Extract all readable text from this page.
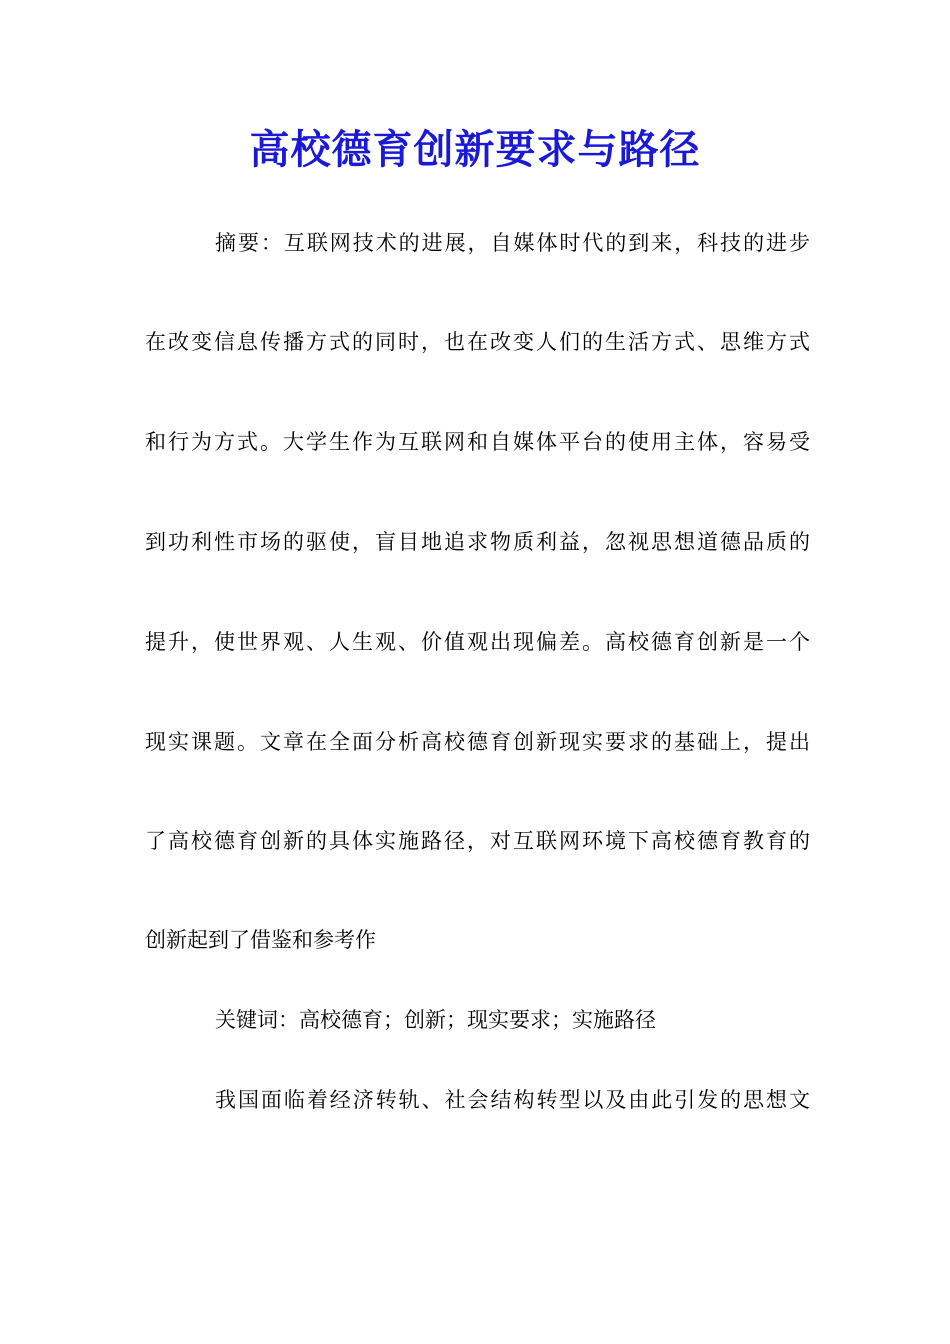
高校德育创新要求与路径
摘要：互联网技术的进展，自媒体时代的到来，科技的进步
在改变信息传播方式的同时，也在改变人们的生活方式、思维方式
和行为方式。大学生作为互联网和自媒体平台的使用主体，容易受
到功利性市场的驱使，盲目地追求物质利益，忽视思想道德品质的
提升，使世界观、人生观、价值观出现偏差。高校德育创新是一个
现实课题。文章在全面分析高校德育创新现实要求的基础上，提出
了高校德育创新的具体实施路径，对互联网环境下高校德育教育的
创新起到了借鉴和参考作
关键词：高校德育；创新；现实要求；实施路径
我国面临着经济转轨、社会结构转型以及由此引发的思想文
